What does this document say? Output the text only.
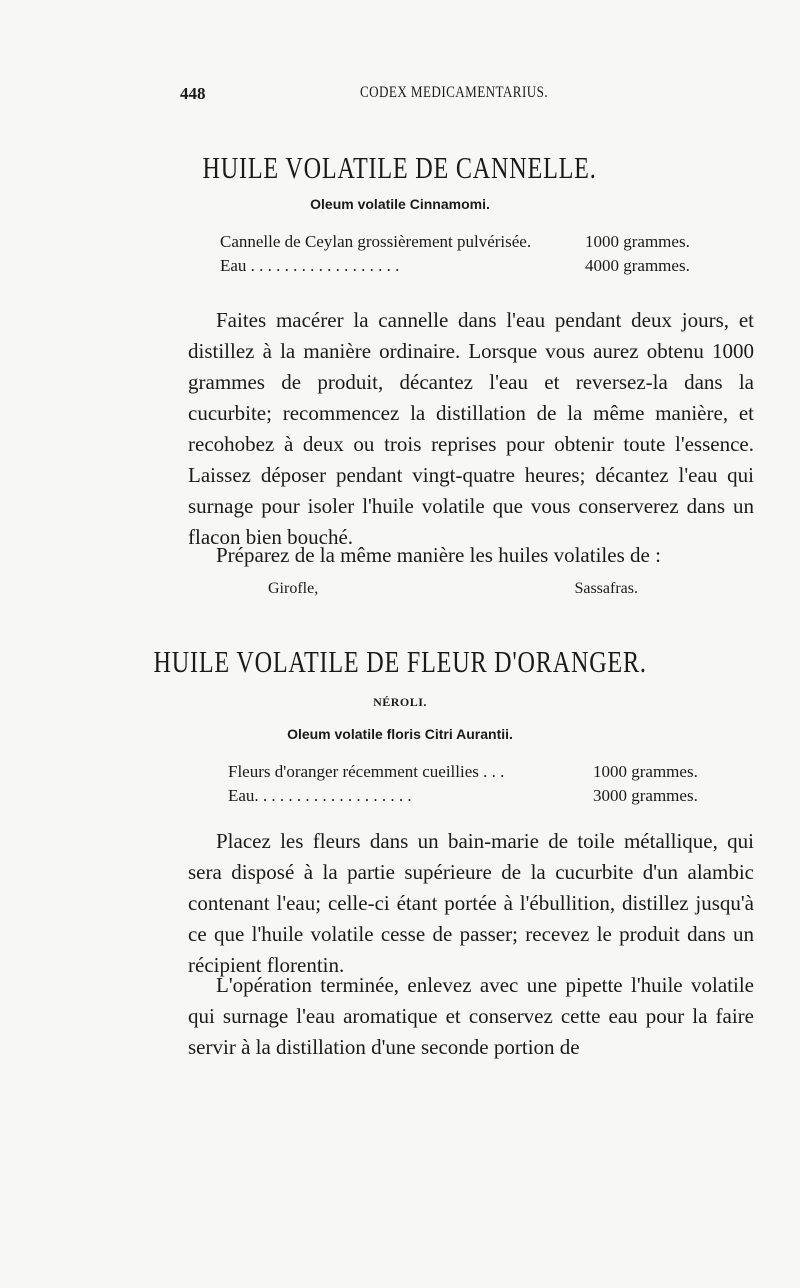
448	CODEX MEDICAMENTARIUS.
HUILE VOLATILE DE CANNELLE.
Oleum volatile Cinnamomi.
Cannelle de Ceylan grossièrement pulvérisée.	1000 grammes.
Eau . . . . . . . . . . . . . . . . . .	4000 grammes.

Faites macérer la cannelle dans l'eau pendant deux jours, et distillez à la manière ordinaire. Lorsque vous aurez obtenu 1000 grammes de produit, décantez l'eau et reversez-la dans la cucurbite; recommencez la distillation de la même manière, et recohobez à deux ou trois reprises pour obtenir toute l'essence. Laissez déposer pendant vingt-quatre heures; décantez l'eau qui surnage pour isoler l'huile volatile que vous conserverez dans un flacon bien bouché.

Préparez de la même manière les huiles volatiles de :

Girofle,	Sassafras.
HUILE VOLATILE DE FLEUR D'ORANGER.
NÉROLI.
Oleum volatile floris Citri Aurantii.
Fleurs d'oranger récemment cueillies . . .	1000 grammes.
Eau. . . . . . . . . . . . . . . . . . .	3000 grammes.

Placez les fleurs dans un bain-marie de toile métallique, qui sera disposé à la partie supérieure de la cucurbite d'un alambic contenant l'eau; celle-ci étant portée à l'ébullition, distillez jusqu'à ce que l'huile volatile cesse de passer; recevez le produit dans un récipient florentin.

L'opération terminée, enlevez avec une pipette l'huile volatile qui surnage l'eau aromatique et conservez cette eau pour la faire servir à la distillation d'une seconde portion de
